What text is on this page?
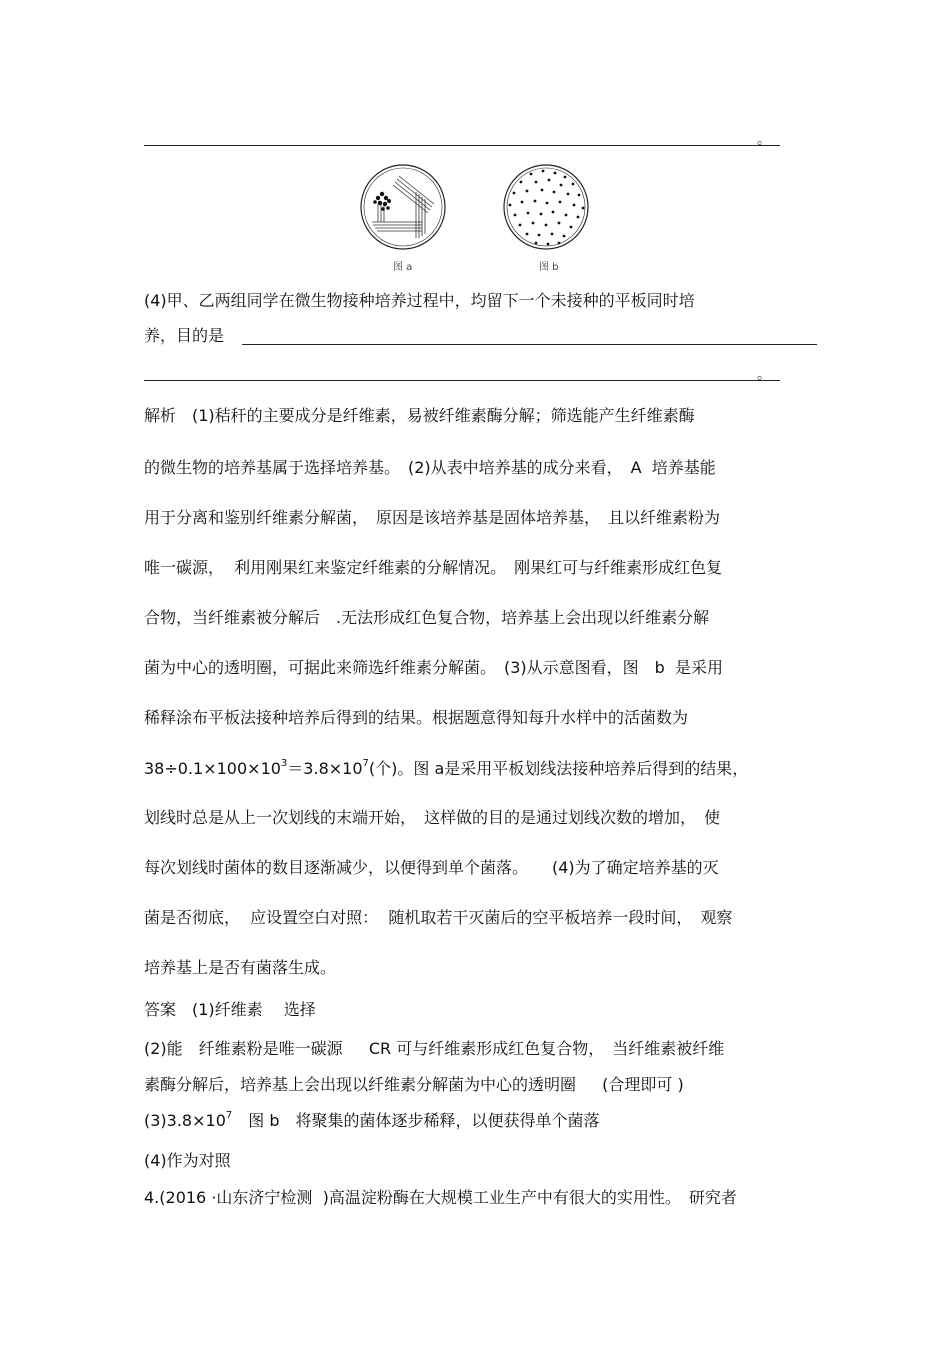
。
图 a	图 b
(4)甲、乙两组同学在微生物接种培养过程中，均留下一个未接种的平板同时培
养，目的是
。
解析　(1)秸秆的主要成分是纤维素，易被纤维素酶分解；筛选能产生纤维素酶
的微生物的培养基属于选择培养基。　(2)从表中培养基的成分来看，　A  培养基能
用于分离和鉴别纤维素分解菌，　原因是该培养基是固体培养基，　且以纤维素粉为
唯一碳源，  利用刚果红来鉴定纤维素的分解情况。　刚果红可与纤维素形成红色复
合物，当纤维素被分解后　.无法形成红色复合物，培养基上会出现以纤维素分解
菌为中心的透明圈，可据此来筛选纤维素分解菌。　(3)从示意图看，图　b  是采用
稀释涂布平板法接种培养后得到的结果。根据题意得知每升水样中的活菌数为
$38\div 0.1\times 100\times 10^3=3.8\times 10^7$(个)。图 a是采用平板划线法接种培养后得到的结果，
划线时总是从上一次划线的末端开始，　这样做的目的是通过划线次数的增加，　使
每次划线时菌体的数目逐渐减少，以便得到单个菌落。　　(4)为了确定培养基的灭
菌是否彻底，  应设置空白对照：  随机取若干灭菌后的空平板培养一段时间，　观察
培养基上是否有菌落生成。
答案　(1)纤维素　 选择
(2)能　纤维素粉是唯一碳源　  CR 可与纤维素形成红色复合物，　当纤维素被纤维
素酶分解后，培养基上会出现以纤维素分解菌为中心的透明圈　  (合理即可 )
$(3)3.8\times 10^7$　图 b　将聚集的菌体逐步稀释，以便获得单个菌落
(4)作为对照
4.(2016 ·山东济宁检测  )高温淀粉酶在大规模工业生产中有很大的实用性。　研究者
